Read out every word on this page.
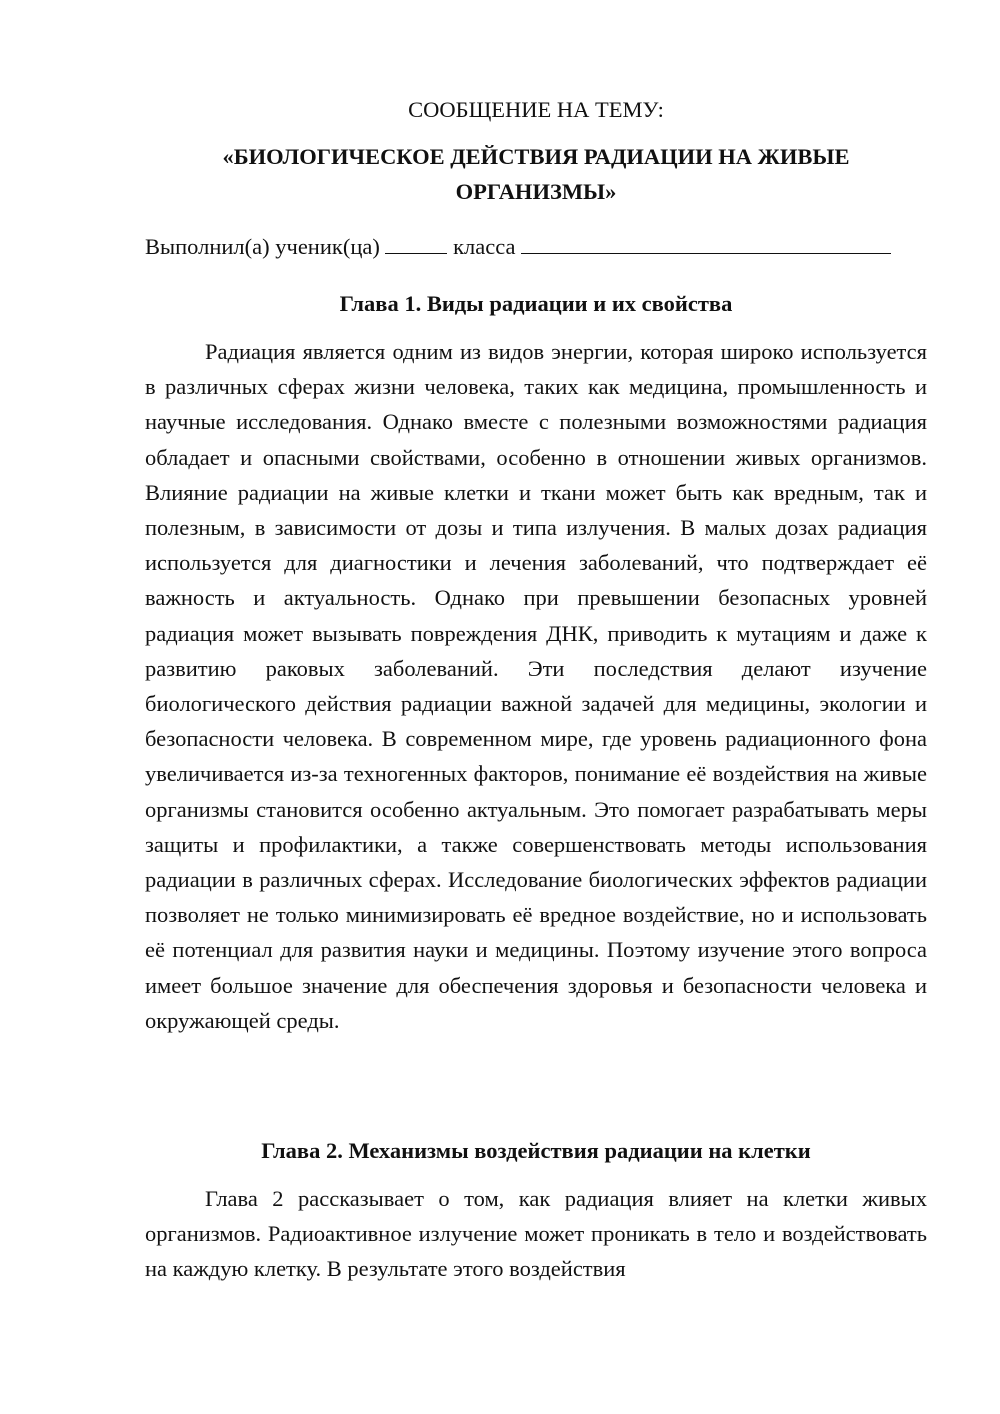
СООБЩЕНИЕ НА ТЕМУ:

«БИОЛОГИЧЕСКОЕ ДЕЙСТВИЯ РАДИАЦИИ НА ЖИВЫЕ

ОРГАНИЗМЫ»

Выполнил(а) ученик(ца)	класса
Глава 1. Виды радиации и их свойства

Радиация является одним из видов энергии, которая широко используется в различных сферах жизни человека, таких как медицина, промышленность и научные исследования. Однако вместе с полезными возможностями радиация обладает и опасными свойствами, особенно в отношении живых организмов. Влияние радиации на живые клетки и ткани может быть как вредным, так и полезным, в зависимости от дозы и типа излучения. В малых дозах радиация используется для диагностики и лечения заболеваний, что подтверждает её важность и актуальность. Однако при превышении безопасных уровней радиация может вызывать повреждения ДНК, приводить к мутациям и даже к развитию раковых заболеваний. Эти последствия делают изучение биологического действия радиации важной задачей для медицины, экологии и безопасности человека. В современном мире, где уровень радиационного фона увеличивается из-за техногенных факторов, понимание её воздействия на живые организмы становится особенно актуальным. Это помогает разрабатывать меры защиты и профилактики, а также совершенствовать методы использования радиации в различных сферах. Исследование биологических эффектов радиации позволяет не только минимизировать её вредное воздействие, но и использовать её потенциал для развития науки и медицины. Поэтому изучение этого вопроса имеет большое значение для обеспечения здоровья и безопасности человека и окружающей среды.

Глава 2. Механизмы воздействия радиации на клетки

Глава 2 рассказывает о том, как радиация влияет на клетки живых организмов. Радиоактивное излучение может проникать в тело и воздействовать на каждую клетку. В результате этого воздействия
